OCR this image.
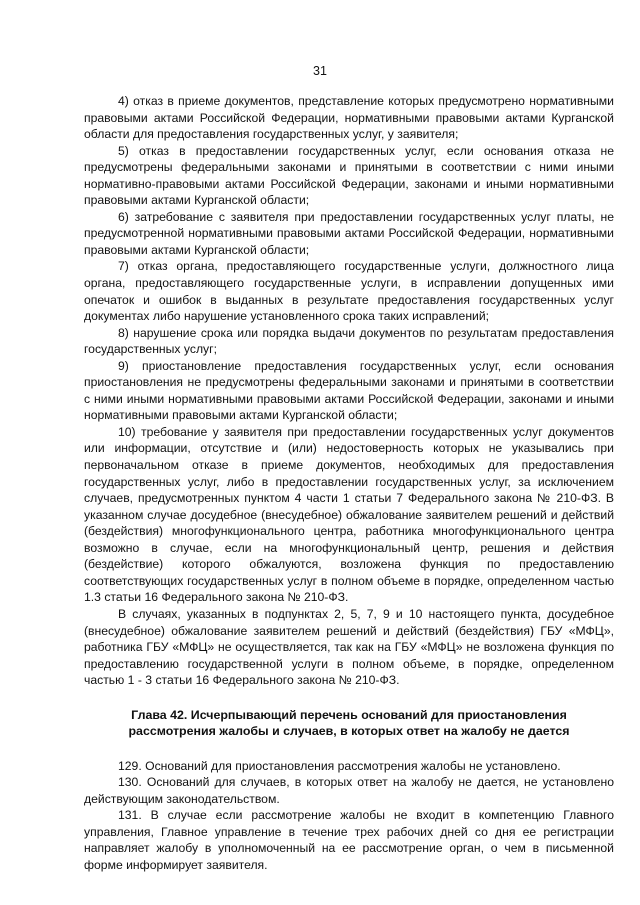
31

4) отказ в приеме документов, представление которых предусмотрено нормативными правовыми актами Российской Федерации, нормативными правовыми актами Курганской области для предоставления государственных услуг, у заявителя;

5) отказ в предоставлении государственных услуг, если основания отказа не предусмотрены федеральными законами и принятыми в соответствии с ними иными нормативно-правовыми актами Российской Федерации, законами и иными нормативными правовыми актами Курганской области;

6) затребование с заявителя при предоставлении государственных услуг платы, не предусмотренной нормативными правовыми актами Российской Федерации, нормативными правовыми актами Курганской области;

7) отказ органа, предоставляющего государственные услуги, должностного лица органа, предоставляющего государственные услуги, в исправлении допущенных ими опечаток и ошибок в выданных в результате предоставления государственных услуг документах либо нарушение установленного срока таких исправлений;

8) нарушение срока или порядка выдачи документов по результатам предоставления государственных услуг;

9) приостановление предоставления государственных услуг, если основания приостановления не предусмотрены федеральными законами и принятыми в соответствии с ними иными нормативными правовыми актами Российской Федерации, законами и иными нормативными правовыми актами Курганской области;

10) требование у заявителя при предоставлении государственных услуг документов или информации, отсутствие и (или) недостоверность которых не указывались при первоначальном отказе в приеме документов, необходимых для предоставления государственных услуг, либо в предоставлении государственных услуг, за исключением случаев, предусмотренных пунктом 4 части 1 статьи 7 Федерального закона № 210-ФЗ. В указанном случае досудебное (внесудебное) обжалование заявителем решений и действий (бездействия) многофункционального центра, работника многофункционального центра возможно в случае, если на многофункциональный центр, решения и действия (бездействие) которого обжалуются, возложена функция по предоставлению соответствующих государственных услуг в полном объеме в порядке, определенном частью 1.3 статьи 16 Федерального закона № 210-ФЗ.

В случаях, указанных в подпунктах 2, 5, 7, 9 и 10 настоящего пункта, досудебное (внесудебное) обжалование заявителем решений и действий (бездействия) ГБУ «МФЦ», работника ГБУ «МФЦ» не осуществляется, так как на ГБУ «МФЦ» не возложена функция по предоставлению государственной услуги в полном объеме, в порядке, определенном частью 1 - 3 статьи 16 Федерального закона № 210-ФЗ.

Глава 42. Исчерпывающий перечень оснований для приостановления
рассмотрения жалобы и случаев, в которых ответ на жалобу не дается

129. Оснований для приостановления рассмотрения жалобы не установлено.

130. Оснований для случаев, в которых ответ на жалобу не дается, не установлено действующим законодательством.

131. В случае если рассмотрение жалобы не входит в компетенцию Главного управления, Главное управление в течение трех рабочих дней со дня ее регистрации направляет жалобу в уполномоченный на ее рассмотрение орган, о чем в письменной форме информирует заявителя.
